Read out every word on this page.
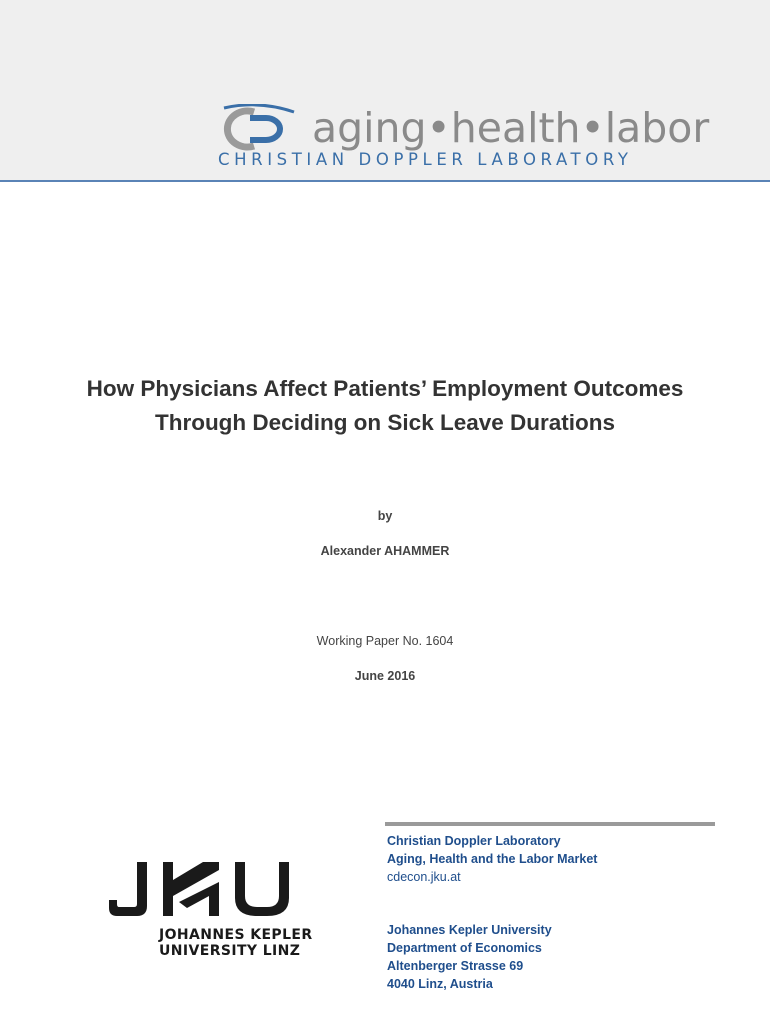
aging•health•labor
CHRISTIAN DOPPLER LABORATORY
How Physicians Affect Patients’ Employment Outcomes Through Deciding on Sick Leave Durations
by
Alexander AHAMMER
Working Paper No. 1604
June 2016
JOHANNES KEPLER
UNIVERSITY LINZ
Christian Doppler Laboratory
Aging, Health and the Labor Market
cdecon.jku.at
Johannes Kepler University
Department of Economics
Altenberger Strasse 69
4040 Linz, Austria
